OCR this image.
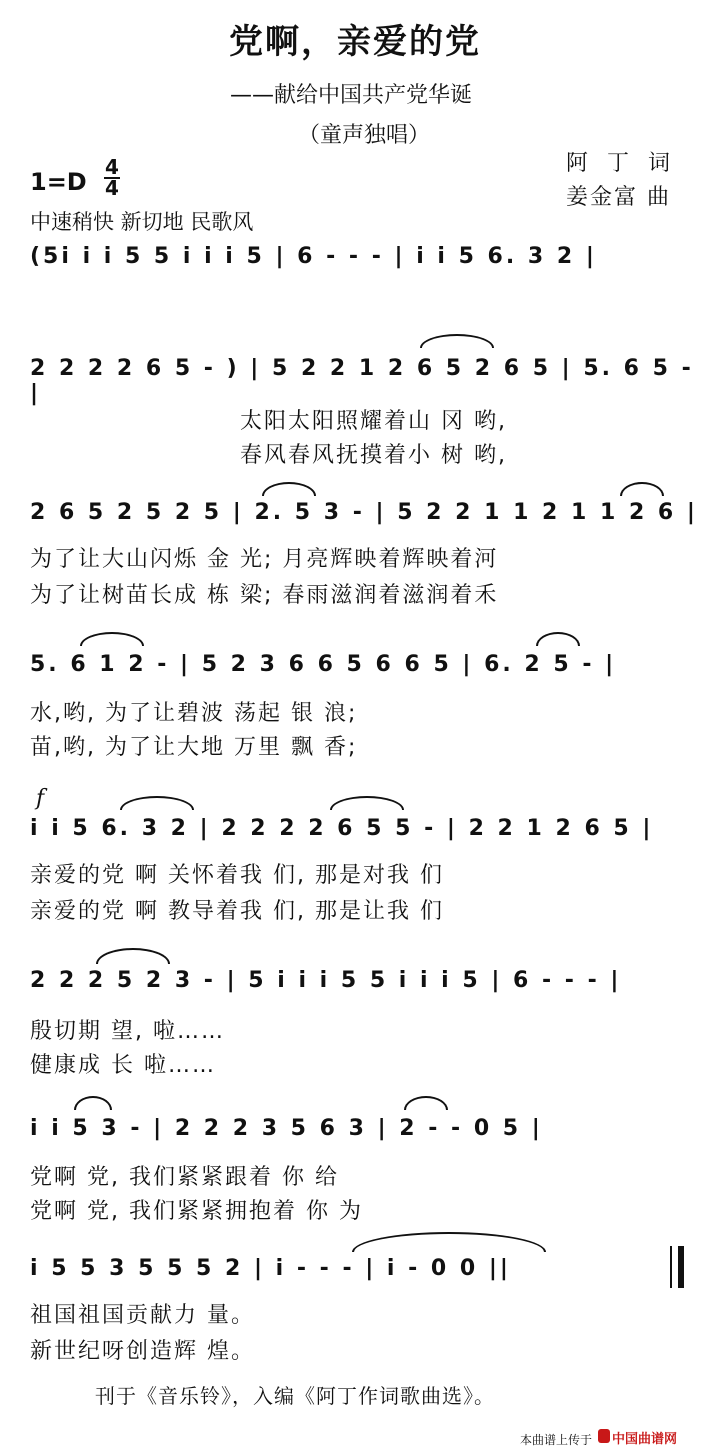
党啊，亲爱的党
——献给中国共产党华诞
（童声独唱）
阿 丁 词
姜金富 曲
1=D
4
4
中速稍快 新切地 民歌风
(5i i i 5 5 i i i 5 | 6 - - - | i i 5 6. 3 2 |
2 2 2 2 6 5 - ) | 5 2 2 1 2 6 5 2 6 5 | 5. 6 5 - |
太阳太阳照耀着山 冈 哟,
春风春风抚摸着小 树 哟,
2 6 5 2 5 2 5 | 2. 5 3 - | 5 2 2 1 1 2 1 1 2 6 |
为了让大山闪烁 金 光; 月亮辉映着辉映着河
为了让树苗长成 栋 梁; 春雨滋润着滋润着禾
5. 6 1 2 - | 5 2 3 6 6 5 6 6 5 | 6. 2 5 - |
水,哟, 为了让碧波 荡起 银 浪;
苗,哟, 为了让大地 万里 飘 香;
f
i i 5 6. 3 2 | 2 2 2 2 6 5 5 - | 2 2 1 2 6 5 |
亲爱的党 啊 关怀着我 们, 那是对我 们
亲爱的党 啊 教导着我 们, 那是让我 们
2 2 2 5 2 3 - | 5 i i i 5 5 i i i 5 | 6 - - - |
殷切期 望, 啦……
健康成 长 啦……
i i 5 3 - | 2 2 2 3 5 6 3 | 2 - - 0 5 |
党啊 党, 我们紧紧跟着 你 给
党啊 党, 我们紧紧拥抱着 你 为
i 5 5 3 5 5 5 2 | i - - - | i - 0 0 ||
祖国祖国贡献力 量。
新世纪呀创造辉 煌。
刊于《音乐铃》，入编《阿丁作词歌曲选》。
本曲谱上传于 中国曲谱网
